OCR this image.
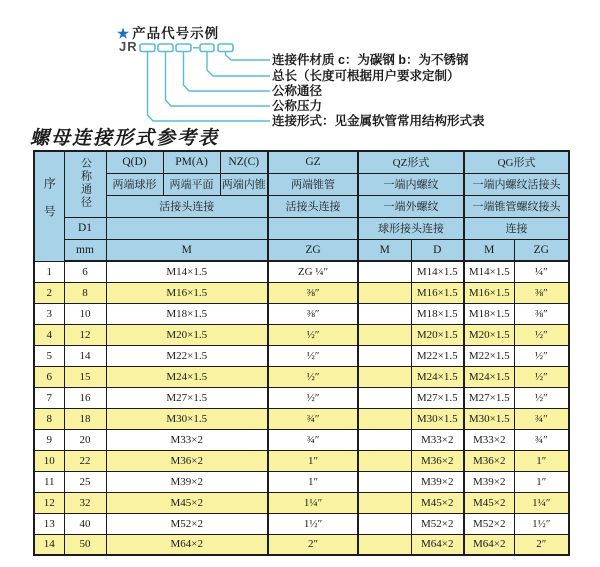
★ 产品代号示例
JR
连接件材质 c：为碳钢 b：为不锈钢
总长（长度可根据用户要求定制）
公称通径
公称压力
连接形式：见金属软管常用结构形式表
螺母连接形式参考表
序号	公称通径	Q(D)	PM(A)	NZ(C)	GZ	QZ形式		QG形式	
		两端球形	两端平面	两端内锥	两端锥管	一端内螺纹		一端内螺纹活接头	
		活接头连接			活接头连接	一端外螺纹		一端锥管螺纹接头	
	D1					球形接头连接		连接	
	mm	M			ZG	M	D	M	ZG
1	6	M14×1.5			ZG ¼″		M14×1.5	M14×1.5	¼″
2	8	M16×1.5			⅜″		M16×1.5	M16×1.5	⅜″
3	10	M18×1.5			⅜″		M18×1.5	M18×1.5	⅜″
4	12	M20×1.5			½″		M20×1.5	M20×1.5	½″
5	14	M22×1.5			½″		M22×1.5	M22×1.5	½″
6	15	M24×1.5			½″		M24×1.5	M24×1.5	½″
7	16	M27×1.5			½″		M27×1.5	M27×1.5	½″
8	18	M30×1.5			¾″		M30×1.5	M30×1.5	¾″
9	20	M33×2			¾″		M33×2	M33×2	¾″
10	22	M36×2			1″		M36×2	M36×2	1″
11	25	M39×2			1″		M39×2	M39×2	1″
12	32	M45×2			1¼″		M45×2	M45×2	1¼″
13	40	M52×2			1½″		M52×2	M52×2	1½″
14	50	M64×2			2″		M64×2	M64×2	2″
